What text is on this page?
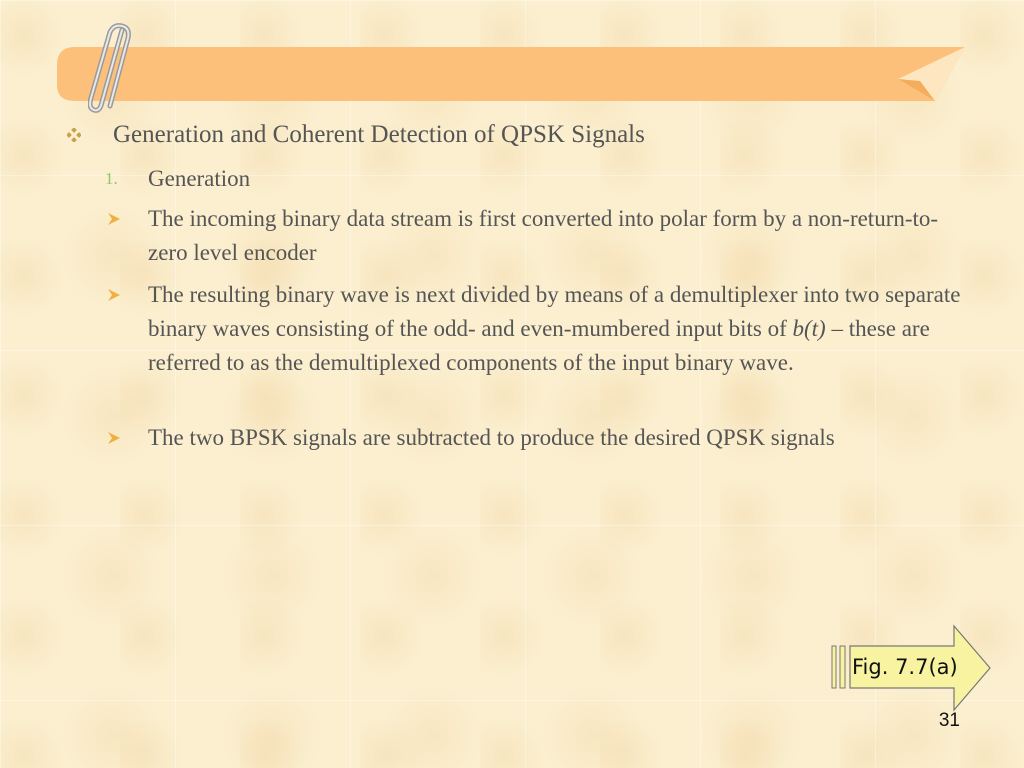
Generation and Coherent Detection of QPSK Signals
1. Generation
The incoming binary data stream is first converted into polar form by a non-return-to-zero level encoder
The resulting binary wave is next divided by means of a demultiplexer into two separate binary waves consisting of the odd- and even-mumbered input bits of b(t) – these are referred to as the demultiplexed components of the input binary wave.
The two BPSK signals are subtracted to produce the desired QPSK signals
Fig. 7.7(a)
31
